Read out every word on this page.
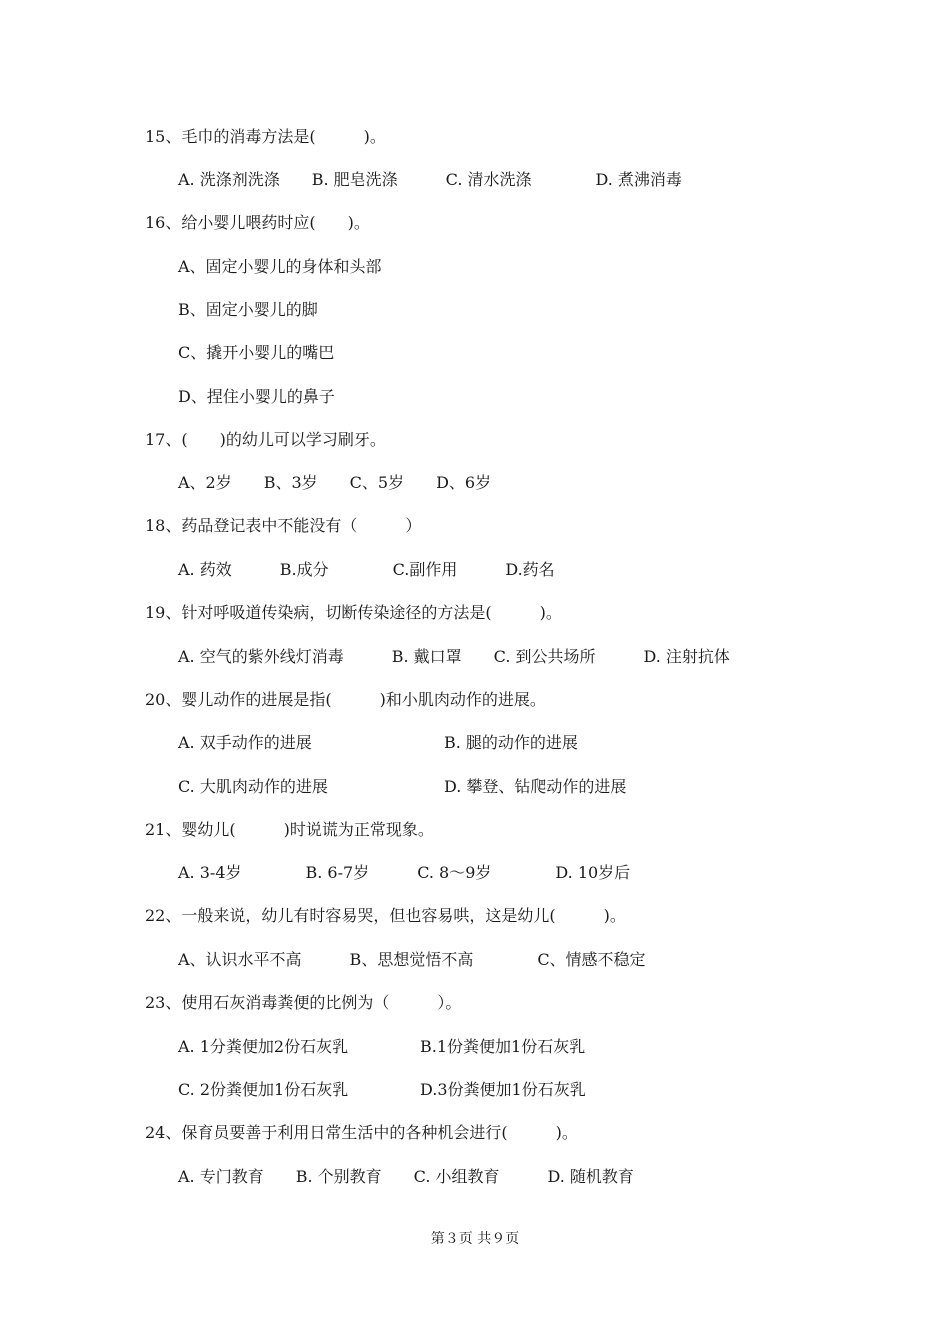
15、毛巾的消毒方法是(　　　)。
A. 洗涤剂洗涤　　B. 肥皂洗涤　　　C. 清水洗涤　　　　D. 煮沸消毒
16、给小婴儿喂药时应(　　)。
A、固定小婴儿的身体和头部
B、固定小婴儿的脚
C、撬开小婴儿的嘴巴
D、捏住小婴儿的鼻子
17、(　　)的幼儿可以学习刷牙。
A、2岁　　B、3岁　　C、5岁　　D、6岁
18、药品登记表中不能没有（　　　）
A. 药效　　　B.成分　　　　C.副作用　　　D.药名
19、针对呼吸道传染病，切断传染途径的方法是(　　　)。
A. 空气的紫外线灯消毒　　　B. 戴口罩　　C. 到公共场所　　　D. 注射抗体
20、婴儿动作的进展是指(　　　)和小肌肉动作的进展。
A. 双手动作的进展	B. 腿的动作的进展
C. 大肌肉动作的进展	D. 攀登、钻爬动作的进展
21、婴幼儿(　　　)时说谎为正常现象。
A. 3-4岁　　　　B. 6-7岁　　　C. 8～9岁　　　　D. 10岁后
22、一般来说，幼儿有时容易哭，但也容易哄，这是幼儿(　　　)。
A、认识水平不高　　　B、思想觉悟不高　　　　C、情感不稳定
23、使用石灰消毒粪便的比例为（　　　）。
A. 1分粪便加2份石灰乳	B.1份粪便加1份石灰乳
C. 2份粪便加1份石灰乳	D.3份粪便加1份石灰乳
24、保育员要善于利用日常生活中的各种机会进行(　　　)。
A. 专门教育　　B. 个别教育　　C. 小组教育　　　D. 随机教育
第３页 共９页
